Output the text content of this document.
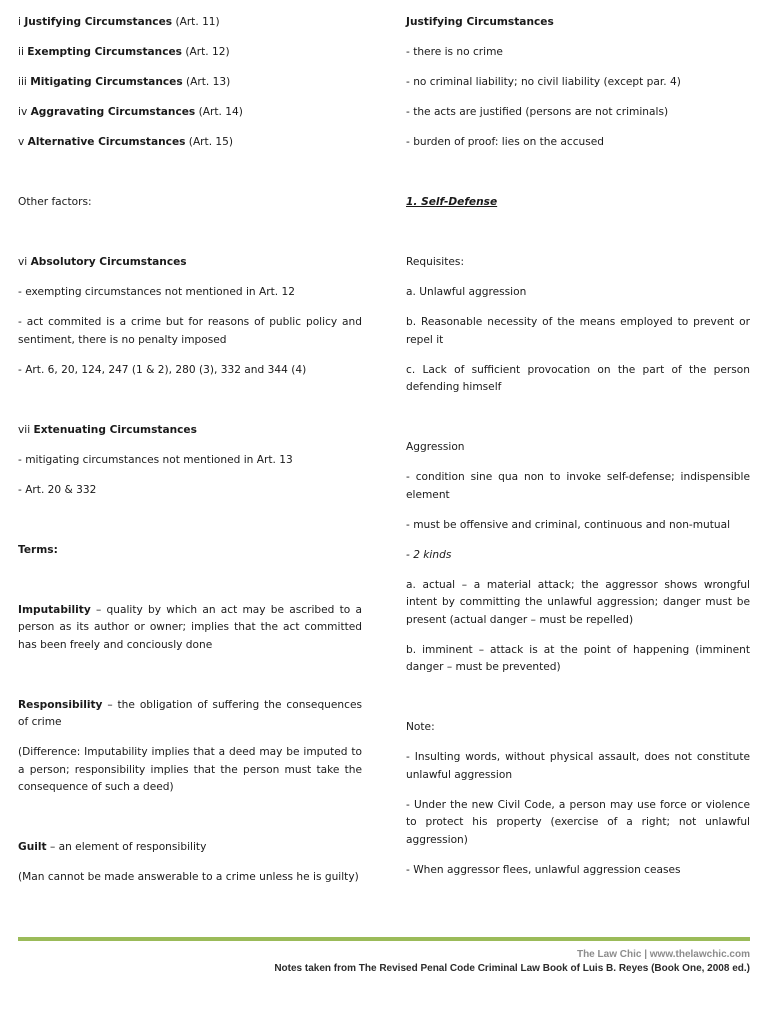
i Justifying Circumstances (Art. 11)

ii Exempting Circumstances (Art. 12)

iii Mitigating Circumstances (Art. 13)

iv Aggravating Circumstances (Art. 14)

v Alternative Circumstances (Art. 15)

Other factors:

vi Absolutory Circumstances

- exempting circumstances not mentioned in Art. 12

- act commited is a crime but for reasons of public policy and sentiment, there is no penalty imposed

- Art. 6, 20, 124, 247 (1 & 2), 280 (3), 332 and 344 (4)

vii Extenuating Circumstances

- mitigating circumstances not mentioned in Art. 13

- Art. 20 & 332

Terms:

Imputability – quality by which an act may be ascribed to a person as its author or owner; implies that the act committed has been freely and conciously done

Responsibility – the obligation of suffering the consequences of crime

(Difference: Imputability implies that a deed may be imputed to a person; responsibility implies that the person must take the consequence of such a deed)

Guilt – an element of responsibility

(Man cannot be made answerable to a crime unless he is guilty)

Justifying Circumstances

- there is no crime

- no criminal liability; no civil liability (except par. 4)

- the acts are justified (persons are not criminals)

- burden of proof: lies on the accused

1. Self-Defense

Requisites:

a. Unlawful aggression

b. Reasonable necessity of the means employed to prevent or repel it

c. Lack of sufficient provocation on the part of the person defending himself

Aggression

- condition sine qua non to invoke self-defense; indispensible element

- must be offensive and criminal, continuous and non-mutual

- 2 kinds

a. actual – a material attack; the aggressor shows wrongful intent by committing the unlawful aggression; danger must be present (actual danger – must be repelled)

b. imminent – attack is at the point of happening (imminent danger – must be prevented)

Note:

- Insulting words, without physical assault, does not constitute unlawful aggression

- Under the new Civil Code, a person may use force or violence to protect his property (exercise of a right; not unlawful aggression)

- When aggressor flees, unlawful aggression ceases

The Law Chic | www.thelawchic.com
Notes taken from The Revised Penal Code Criminal Law Book of Luis B. Reyes (Book One, 2008 ed.)
